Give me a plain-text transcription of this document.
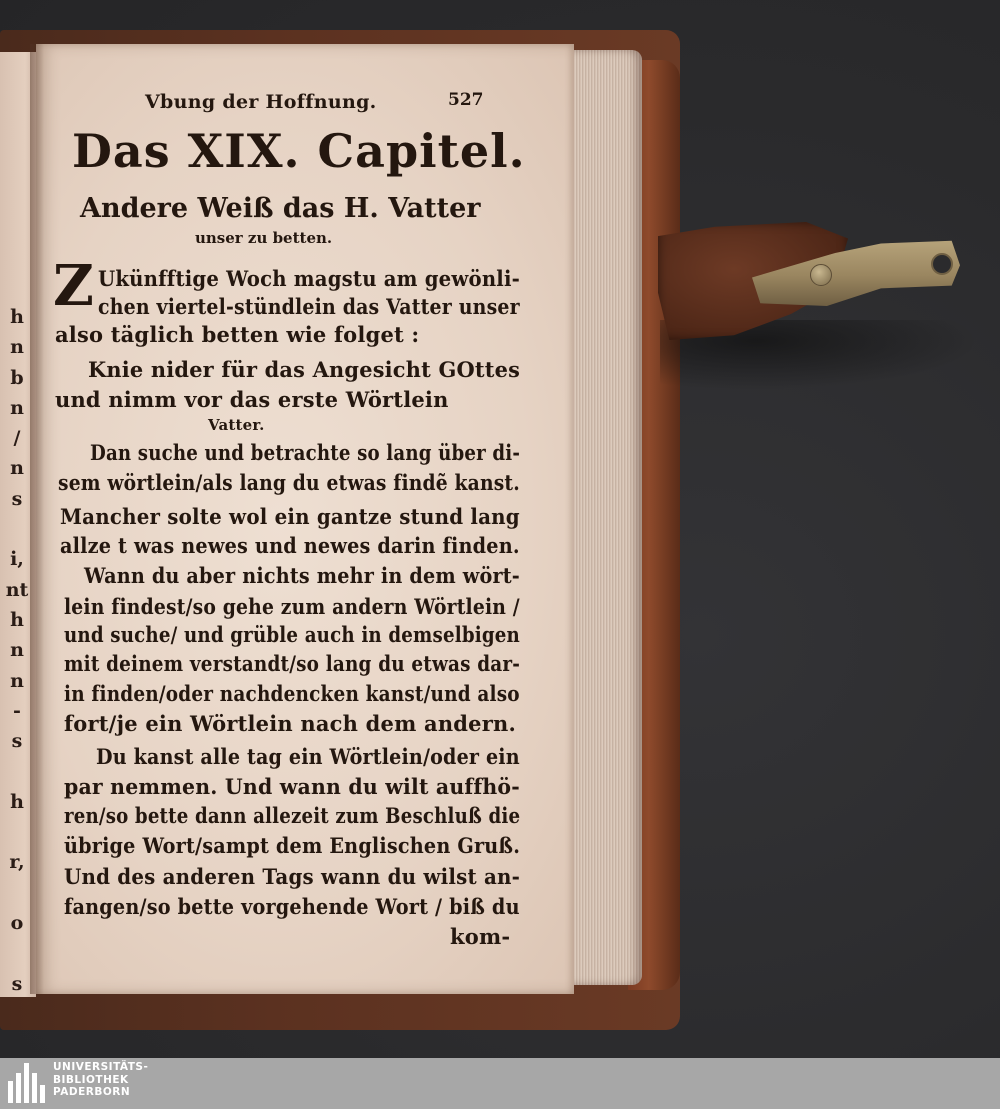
h
n
b
n
/
n
s
i,
nt
h
n
n
-
s
h
r,
o
s
Vbung der Hoffnung.	527
Das XIX. Capitel.
Andere Weiß das H. Vatter
unser zu betten.
Z Ukünfftige Woch magstu am gewönli-
chen viertel-stündlein das Vatter unser
also täglich betten wie folget :
Knie nider für das Angesicht GOttes
und nimm vor das erste Wörtlein
Vatter.
Dan suche und betrachte so lang über di-
sem wörtlein/als lang du etwas findẽ kanst.
Mancher solte wol ein gantze stund lang
allze t was newes und newes darin finden.
Wann du aber nichts mehr in dem wört-
lein findest/so gehe zum andern Wörtlein /
und suche/ und grüble auch in demselbigen
mit deinem verstandt/so lang du etwas dar-
in finden/oder nachdencken kanst/und also
fort/je ein Wörtlein nach dem andern.
Du kanst alle tag ein Wörtlein/oder ein
par nemmen. Und wann du wilt auffhö-
ren/so bette dann allezeit zum Beschluß die
übrige Wort/sampt dem Englischen Gruß.
Und des anderen Tags wann du wilst an-
fangen/so bette vorgehende Wort / biß du
kom-
UNIVERSITÄTS-
BIBLIOTHEK
PADERBORN
